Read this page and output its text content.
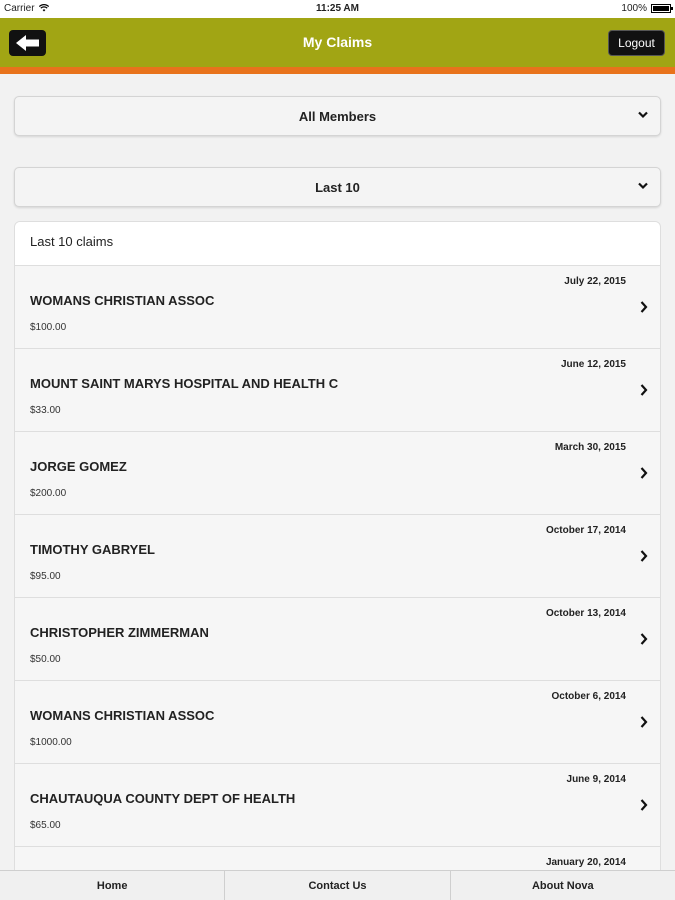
Carrier	11:25 AM	100%
My Claims	Logout
All Members
Last 10
Last 10 claims
July 22, 2015
WOMANS CHRISTIAN ASSOC
$100.00
June 12, 2015
MOUNT SAINT MARYS HOSPITAL AND HEALTH C
$33.00
March 30, 2015
JORGE GOMEZ
$200.00
October 17, 2014
TIMOTHY GABRYEL
$95.00
October 13, 2014
CHRISTOPHER ZIMMERMAN
$50.00
October 6, 2014
WOMANS CHRISTIAN ASSOC
$1000.00
June 9, 2014
CHAUTAUQUA COUNTY DEPT OF HEALTH
$65.00
January 20, 2014
Home	Contact Us	About Nova
